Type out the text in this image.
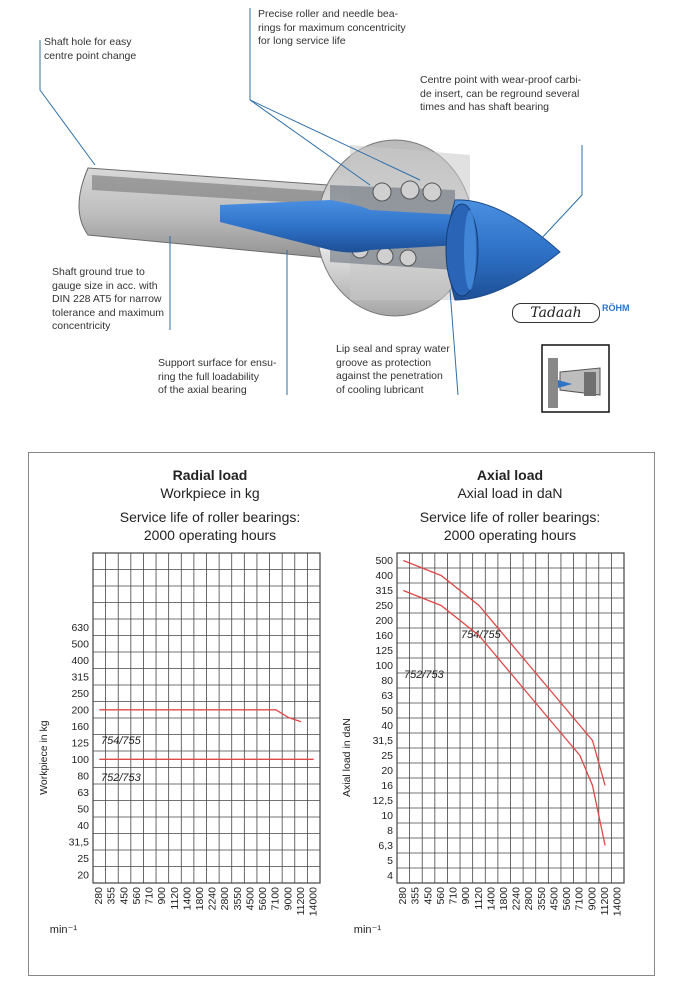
Shaft hole for easy
centre point change
Precise roller and needle bea-
rings for maximum concentricity
for long service life
Centre point with wear-proof carbi-
de insert, can be reground several
times and has shaft bearing
Shaft ground true to
gauge size in acc. with
DIN 228 AT5 for narrow
tolerance and maximum
concentricity
Support surface for ensu-
ring the full loadability
of the axial bearing
Lip seal and spray water
groove as protection
against the penetration
of cooling lubricant
Tadaah	RÖHM
Radial load
Workpiece in kg
Service life of roller bearings:
2000 operating hours
Axial load
Axial load in daN
Service life of roller bearings:
2000 operating hours
280 355 450 560 710 900 1120 1400 1800 2240 2800 3550 4500 5600 7100 9000 11200 14000
20
25
31,5
40
50
63
80
100
125
160
200
250
315
400
500
630
Workpiece in kg
min⁻¹
754/755
752/753
280 355 450 560 710 900 1120 1400 1800 2240 2800 3550 4500 5600 7100 9000 11200 14000
4
5
6,3
8
10
12,5
16
20
25
31,5
40
50
63
80
100
125
160
200
250
315
400
500
Axial load in daN
min⁻¹
754/755
752/753
